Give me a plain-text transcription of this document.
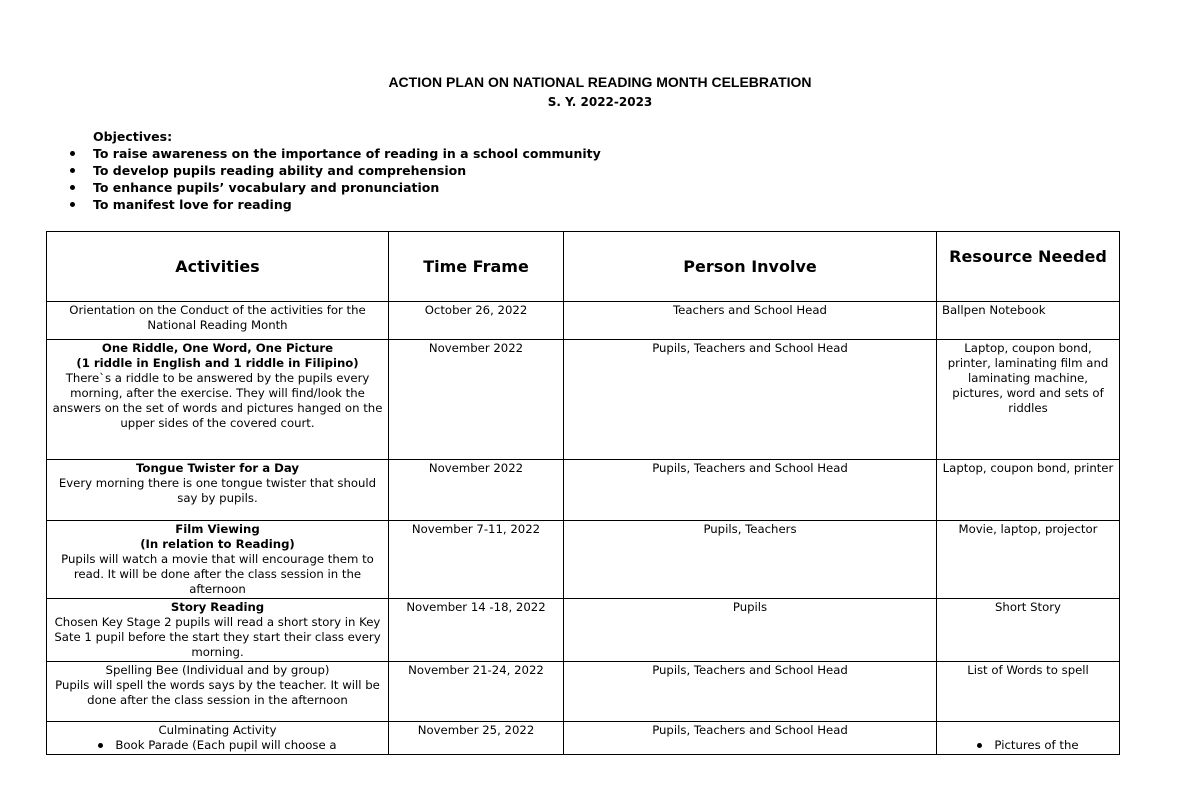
ACTION PLAN ON NATIONAL READING MONTH CELEBRATION
S. Y. 2022-2023
Objectives:
To raise awareness on the importance of reading in a school community
To develop pupils reading ability and comprehension
To enhance pupils’ vocabulary and pronunciation
To manifest love for reading
Activities	Time Frame	Person Involve	Resource Needed
Orientation on the Conduct of the activities for the National Reading Month	October 26, 2022	Teachers and School Head	Ballpen Notebook

One Riddle, One Word, One Picture
(1 riddle in English and 1 riddle in Filipino)
There`s a riddle to be answered by the pupils every morning, after the exercise. They will find/look the answers on the set of words and pictures hanged on the upper sides of the covered court.	November 2022	Pupils, Teachers and School Head	Laptop, coupon bond, printer, laminating film and laminating machine, pictures, word and sets of riddles

Tongue Twister for a Day
Every morning there is one tongue twister that should say by pupils.	November 2022	Pupils, Teachers and School Head	Laptop, coupon bond, printer

Film Viewing
(In relation to Reading)
Pupils will watch a movie that will encourage them to read. It will be done after the class session in the afternoon	November 7-11, 2022	Pupils, Teachers	Movie, laptop, projector

Story Reading
Chosen Key Stage 2 pupils will read a short story in Key Sate 1 pupil before the start they start their class every morning.	November 14 -18, 2022	Pupils	Short Story

Spelling Bee (Individual and by group)
Pupils will spell the words says by the teacher. It will be done after the class session in the afternoon	November 21-24, 2022	Pupils, Teachers and School Head	List of Words to spell

Culminating Activity
Book Parade (Each pupil will choose a	November 25, 2022	Pupils, Teachers and School Head	Pictures of the
